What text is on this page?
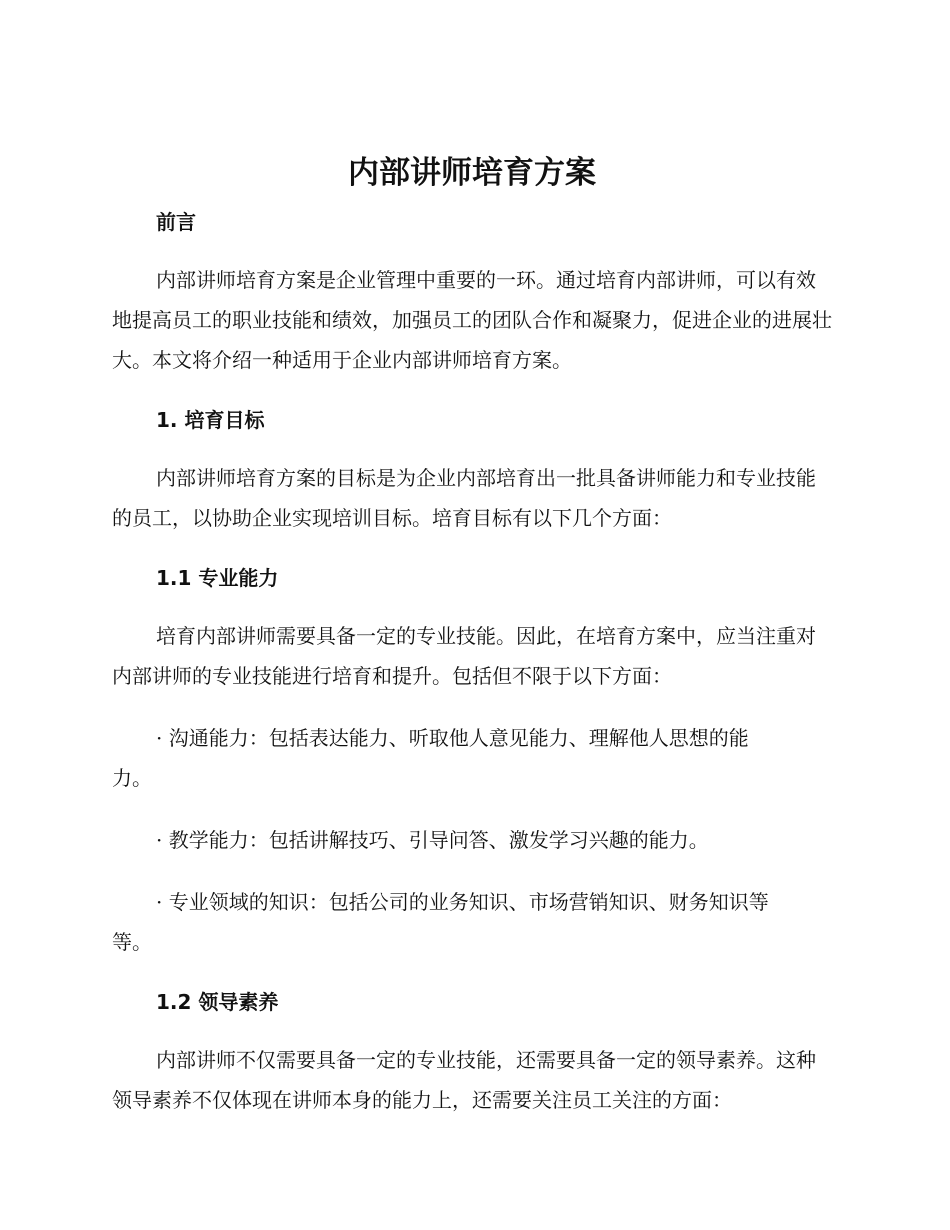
内部讲师培育方案
前言

内部讲师培育方案是企业管理中重要的一环。通过培育内部讲师，可以有效地提高员工的职业技能和绩效，加强员工的团队合作和凝聚力，促进企业的进展壮大。本文将介绍一种适用于企业内部讲师培育方案。

1. 培育目标

内部讲师培育方案的目标是为企业内部培育出一批具备讲师能力和专业技能的员工，以协助企业实现培训目标。培育目标有以下几个方面：

1.1 专业能力

培育内部讲师需要具备一定的专业技能。因此，在培育方案中，应当注重对内部讲师的专业技能进行培育和提升。包括但不限于以下方面：

· 沟通能力：包括表达能力、听取他人意见能力、理解他人思想的能
力。

· 教学能力：包括讲解技巧、引导问答、激发学习兴趣的能力。

· 专业领域的知识：包括公司的业务知识、市场营销知识、财务知识等
等。

1.2 领导素养

内部讲师不仅需要具备一定的专业技能，还需要具备一定的领导素养。这种领导素养不仅体现在讲师本身的能力上，还需要关注员工关注的方面：
